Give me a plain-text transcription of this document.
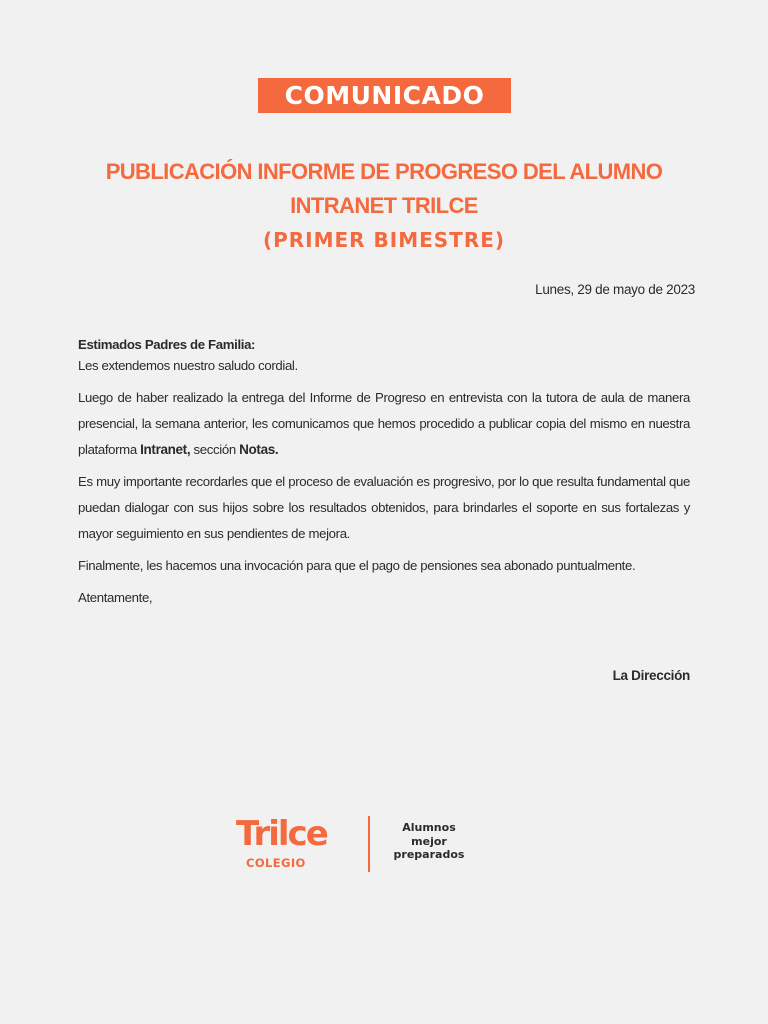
COMUNICADO
PUBLICACIÓN INFORME DE PROGRESO DEL ALUMNO
INTRANET TRILCE
(PRIMER BIMESTRE)
Lunes, 29 de mayo de 2023

Estimados Padres de Familia:

Les extendemos nuestro saludo cordial.

Luego de haber realizado la entrega del Informe de Progreso en entrevista con la tutora de aula de manera presencial, la semana anterior, les comunicamos que hemos procedido a publicar copia del mismo en nuestra plataforma Intranet, sección Notas.

Es muy importante recordarles que el proceso de evaluación es progresivo, por lo que resulta fundamental que puedan dialogar con sus hijos sobre los resultados obtenidos, para brindarles el soporte en sus fortalezas y mayor seguimiento en sus pendientes de mejora.

Finalmente, les hacemos una invocación para que el pago de pensiones sea abonado puntualmente.

Atentamente,

La Dirección
Trilce
COLEGIO
Alumnos
mejor
preparados
